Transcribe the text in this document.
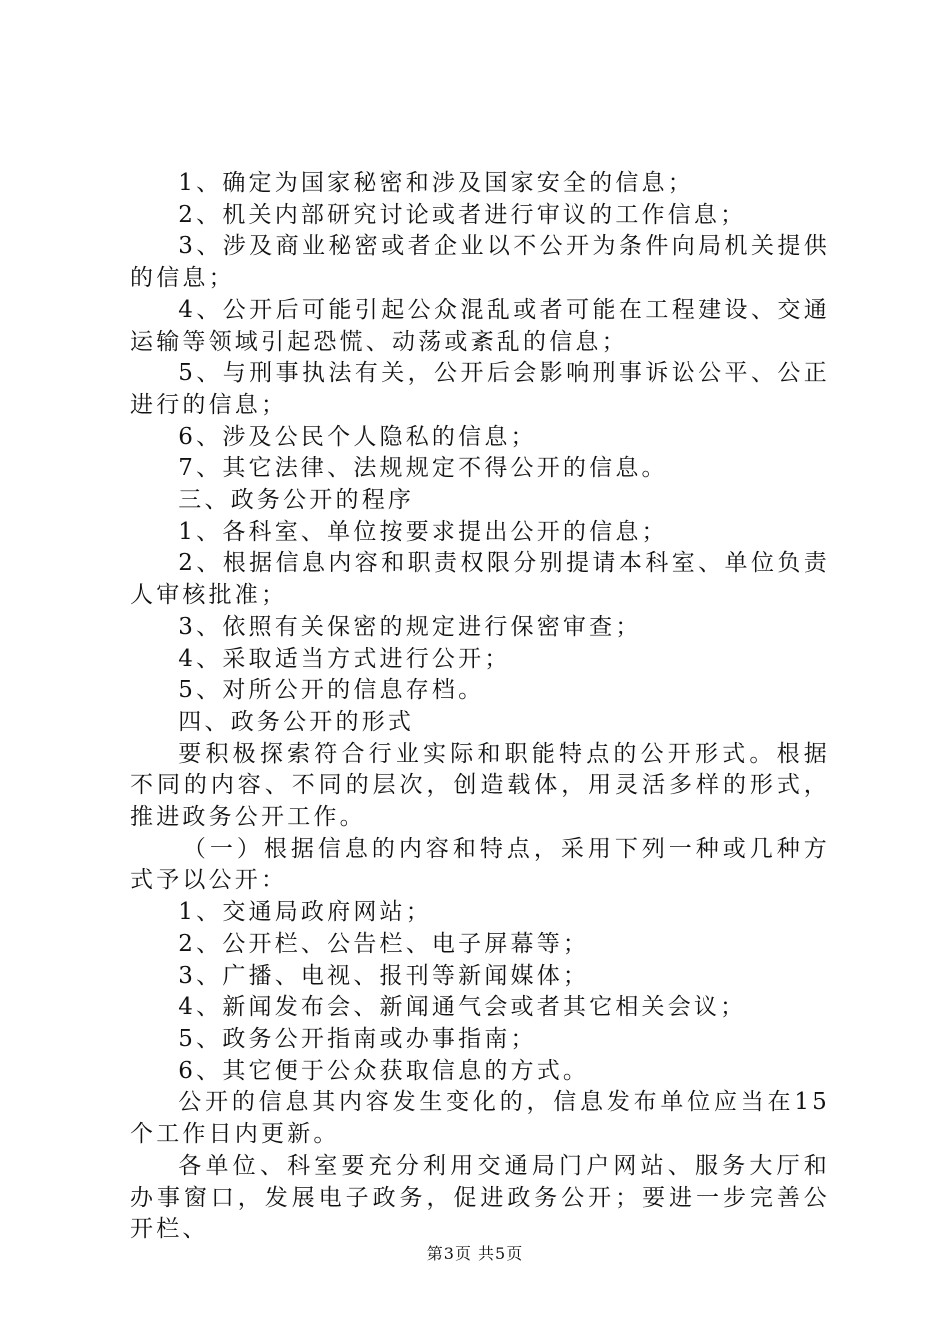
1、确定为国家秘密和涉及国家安全的信息；

2、机关内部研究讨论或者进行审议的工作信息；

3、涉及商业秘密或者企业以不公开为条件向局机关提供的信息；

4、公开后可能引起公众混乱或者可能在工程建设、交通运输等领域引起恐慌、动荡或紊乱的信息；

5、与刑事执法有关，公开后会影响刑事诉讼公平、公正进行的信息；

6、涉及公民个人隐私的信息；

7、其它法律、法规规定不得公开的信息。

三、政务公开的程序

1、各科室、单位按要求提出公开的信息；

2、根据信息内容和职责权限分别提请本科室、单位负责人审核批准；

3、依照有关保密的规定进行保密审查；

4、采取适当方式进行公开；

5、对所公开的信息存档。

四、政务公开的形式

要积极探索符合行业实际和职能特点的公开形式。根据不同的内容、不同的层次，创造载体，用灵活多样的形式，推进政务公开工作。

（一）根据信息的内容和特点，采用下列一种或几种方式予以公开：

1、交通局政府网站；

2、公开栏、公告栏、电子屏幕等；

3、广播、电视、报刊等新闻媒体；

4、新闻发布会、新闻通气会或者其它相关会议；

5、政务公开指南或办事指南；

6、其它便于公众获取信息的方式。

公开的信息其内容发生变化的，信息发布单位应当在15个工作日内更新。

各单位、科室要充分利用交通局门户网站、服务大厅和办事窗口，发展电子政务，促进政务公开；要进一步完善公开栏、

第3页 共5页
